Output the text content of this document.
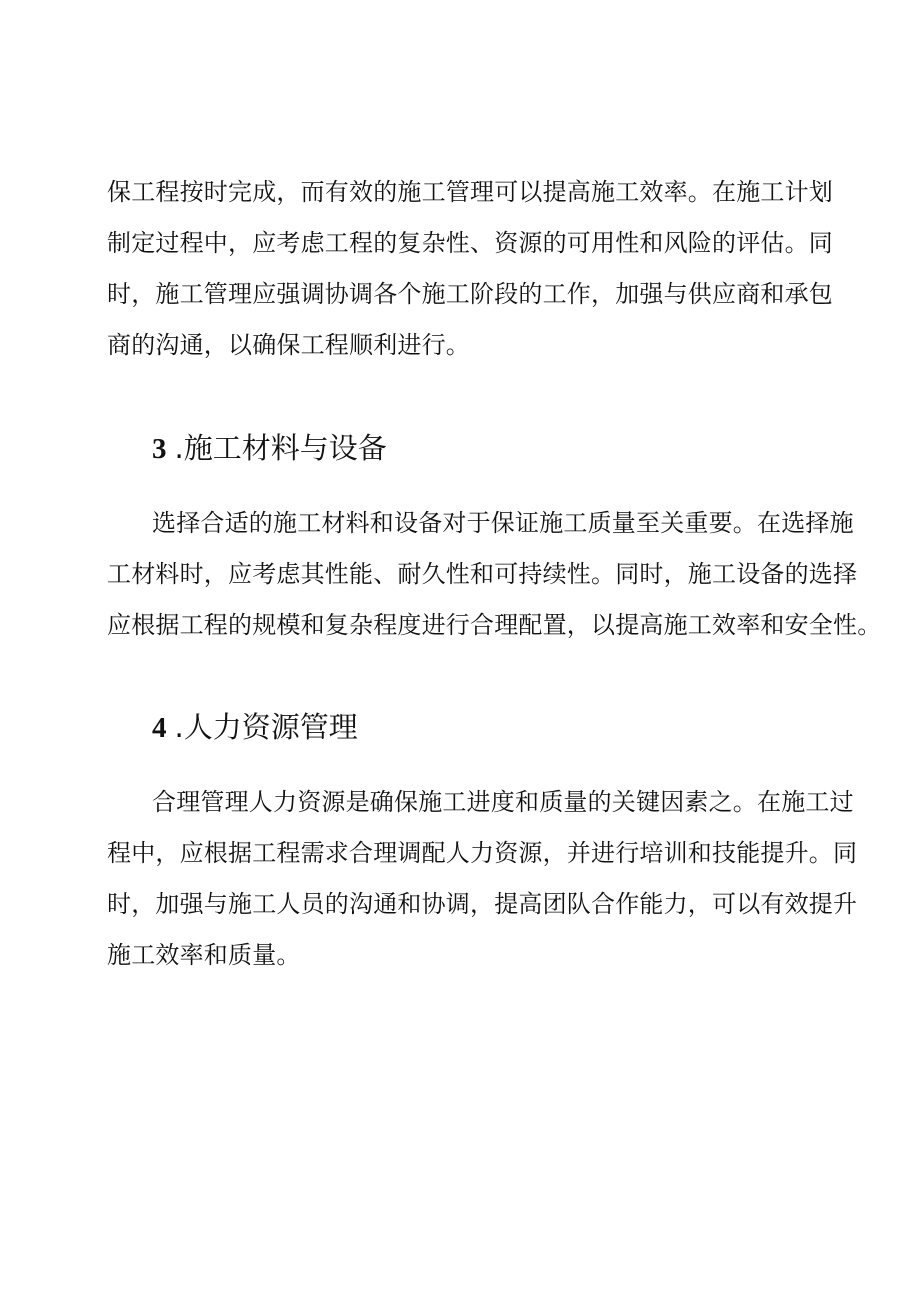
保工程按时完成，而有效的施工管理可以提高施工效率。在施工计划
制定过程中，应考虑工程的复杂性、资源的可用性和风险的评估。同
时，施工管理应强调协调各个施工阶段的工作，加强与供应商和承包
商的沟通，以确保工程顺利进行。

3 .施工材料与设备

选择合适的施工材料和设备对于保证施工质量至关重要。在选择施
工材料时，应考虑其性能、耐久性和可持续性。同时，施工设备的选择
应根据工程的规模和复杂程度进行合理配置，以提高施工效率和安全性。

4 .人力资源管理

合理管理人力资源是确保施工进度和质量的关键因素之。在施工过
程中，应根据工程需求合理调配人力资源，并进行培训和技能提升。同
时，加强与施工人员的沟通和协调，提高团队合作能力，可以有效提升
施工效率和质量。
